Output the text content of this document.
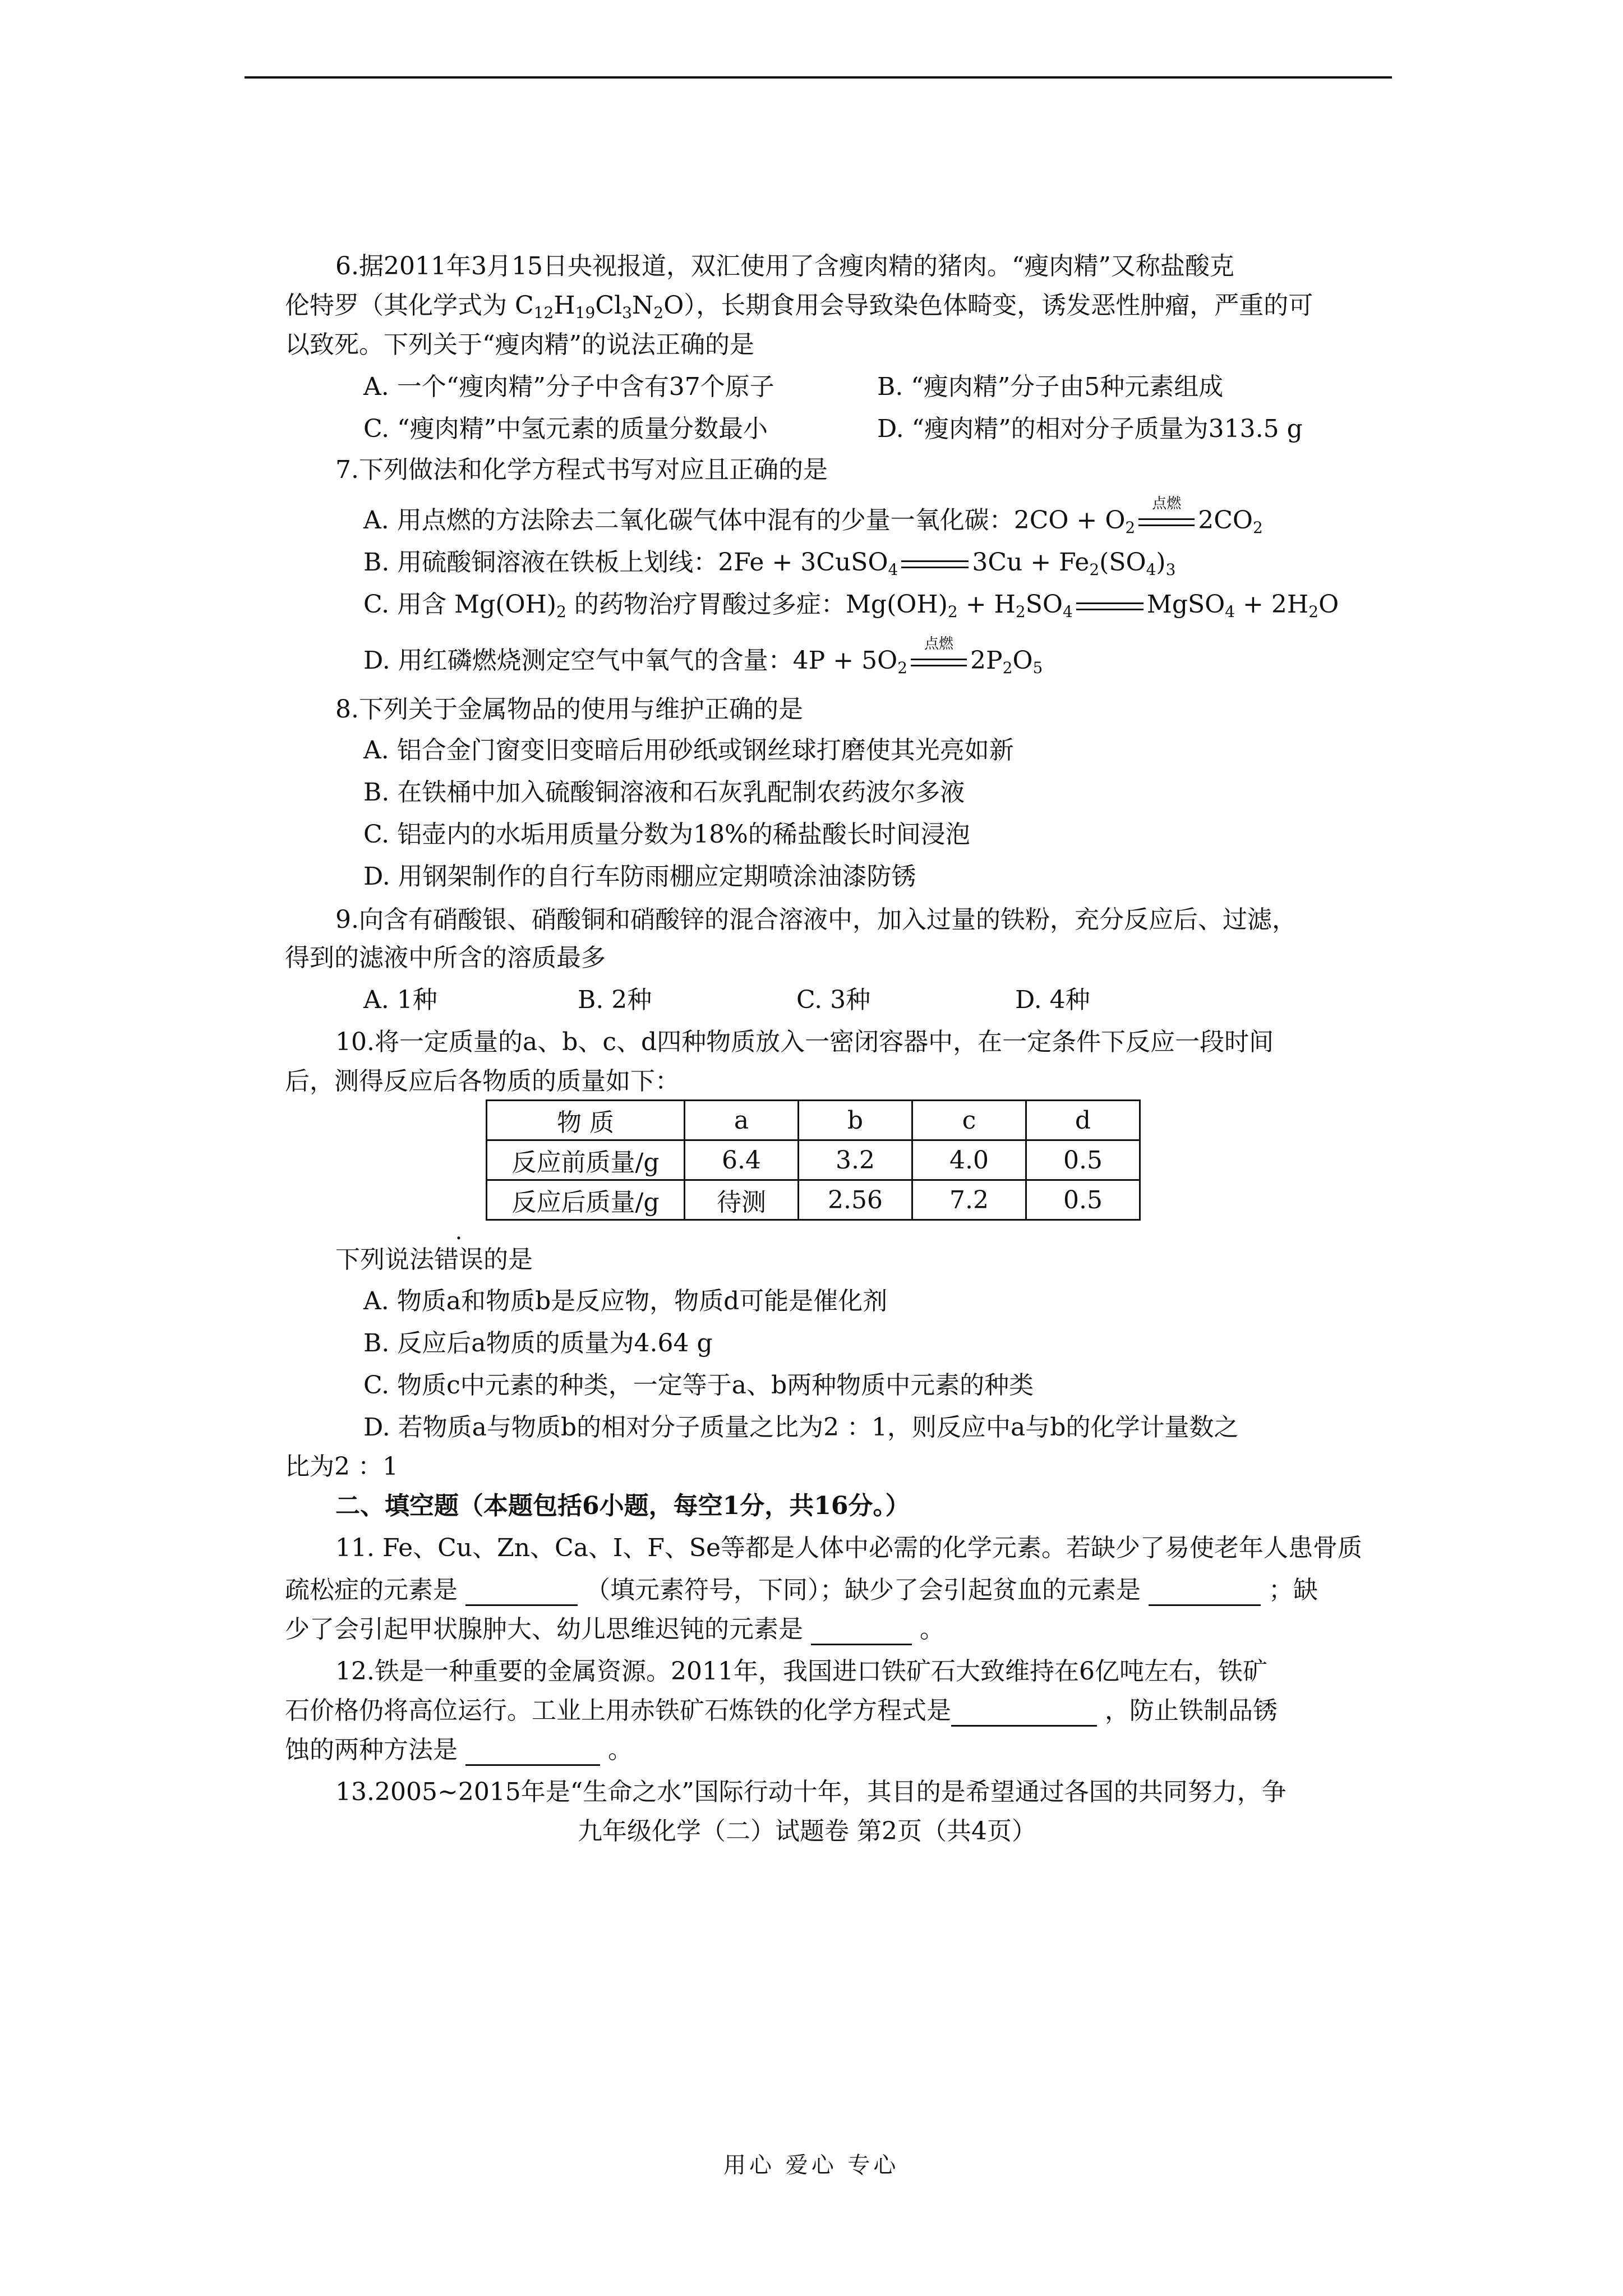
6.据2011年3月15日央视报道，双汇使用了含瘦肉精的猪肉。“瘦肉精”又称盐酸克
伦特罗（其化学式为 $C_{12}H_{19}Cl_3N_2O$），长期食用会导致染色体畸变，诱发恶性肿瘤，严重的可
以致死。下列关于“瘦肉精”的说法正确的是
A. 一个“瘦肉精”分子中含有37个原子	B. “瘦肉精”分子由5种元素组成
C. “瘦肉精”中氢元素的质量分数最小	D. “瘦肉精”的相对分子质量为313.5 g
7.下列做法和化学方程式书写对应且正确的是
A. 用点燃的方法除去二氧化碳气体中混有的少量一氧化碳：$2CO + O_2$
点燃
$2CO_2$
B. 用硫酸铜溶液在铁板上划线：2Fe + 3CuSO$_4$	$3Cu + Fe_2(SO_4)_3$
C. 用含 $Mg(OH)_2$ 的药物治疗胃酸过多症：$Mg(OH)_2 + H_2SO_4$	MgSO$_4$ + $2H_2O$
D. 用红磷燃烧测定空气中氧气的含量：$4P + 5O_2$
点燃
$2P_2O_5$
8.下列关于金属物品的使用与维护正确的是
A. 铝合金门窗变旧变暗后用砂纸或钢丝球打磨使其光亮如新
B. 在铁桶中加入硫酸铜溶液和石灰乳配制农药波尔多液
C. 铝壶内的水垢用质量分数为18%的稀盐酸长时间浸泡
D. 用钢架制作的自行车防雨棚应定期喷涂油漆防锈
9.向含有硝酸银、硝酸铜和硝酸锌的混合溶液中，加入过量的铁粉，充分反应后、过滤，
得到的滤液中所含的溶质最多
A. 1种	B. 2种	C. 3种	D. 4种
10.将一定质量的a、b、c、d四种物质放入一密闭容器中，在一定条件下反应一段时间
后，测得反应后各物质的质量如下：
物 质	a	b	c	d
反应前质量/g	6.4	3.2	4.0	0.5
反应后质量/g	待测	2.56	7.2	0.5
下列说法错误的是
A. 物质a和物质b是反应物，物质d可能是催化剂
B. 反应后a物质的质量为4.64 g
C. 物质c中元素的种类，一定等于a、b两种物质中元素的种类
D. 若物质a与物质b的相对分子质量之比为2 ：1，则反应中a与b的化学计量数之
比为2 ：1
二、填空题（本题包括6小题，每空1分，共16分。）
11. Fe、Cu、Zn、Ca、I、F、Se等都是人体中必需的化学元素。若缺少了易使老年人患骨质
疏松症的元素是	（填元素符号，下同）；缺少了会引起贫血的元素是	；缺
少了会引起甲状腺肿大、幼儿思维迟钝的元素是	。
12.铁是一种重要的金属资源。2011年，我国进口铁矿石大致维持在6亿吨左右，铁矿
石价格仍将高位运行。工业上用赤铁矿石炼铁的化学方程式是	，防止铁制品锈
蚀的两种方法是	。
13.2005~2015年是“生命之水”国际行动十年，其目的是希望通过各国的共同努力，争
九年级化学（二）试题卷 第2页（共4页）
用心 爱心 专心
